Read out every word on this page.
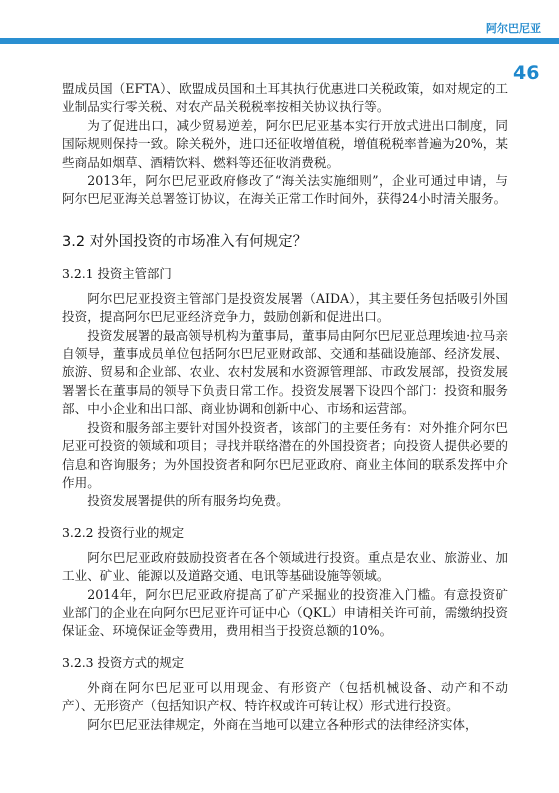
阿尔巴尼亚
46

盟成员国（EFTA）、欧盟成员国和土耳其执行优惠进口关税政策，如对规定的工业制品实行零关税、对农产品关税税率按相关协议执行等。

为了促进出口，减少贸易逆差，阿尔巴尼亚基本实行开放式进出口制度，同国际规则保持一致。除关税外，进口还征收增值税，增值税税率普遍为20%，某些商品如烟草、酒精饮料、燃料等还征收消费税。

2013年，阿尔巴尼亚政府修改了“海关法实施细则”，企业可通过申请，与阿尔巴尼亚海关总署签订协议，在海关正常工作时间外，获得24小时清关服务。

3.2 对外国投资的市场准入有何规定？
3.2.1 投资主管部门

阿尔巴尼亚投资主管部门是投资发展署（AIDA），其主要任务包括吸引外国投资，提高阿尔巴尼亚经济竞争力，鼓励创新和促进出口。

投资发展署的最高领导机构为董事局，董事局由阿尔巴尼亚总理埃迪·拉马亲自领导，董事成员单位包括阿尔巴尼亚财政部、交通和基础设施部、经济发展、旅游、贸易和企业部、农业、农村发展和水资源管理部、市政发展部，投资发展署署长在董事局的领导下负责日常工作。投资发展署下设四个部门：投资和服务部、中小企业和出口部、商业协调和创新中心、市场和运营部。

投资和服务部主要针对国外投资者，该部门的主要任务有：对外推介阿尔巴尼亚可投资的领域和项目；寻找并联络潜在的外国投资者；向投资人提供必要的信息和咨询服务；为外国投资者和阿尔巴尼亚政府、商业主体间的联系发挥中介作用。

投资发展署提供的所有服务均免费。

3.2.2 投资行业的规定

阿尔巴尼亚政府鼓励投资者在各个领域进行投资。重点是农业、旅游业、加工业、矿业、能源以及道路交通、电讯等基础设施等领域。

2014年，阿尔巴尼亚政府提高了矿产采掘业的投资准入门槛。有意投资矿业部门的企业在向阿尔巴尼亚许可证中心（QKL）申请相关许可前，需缴纳投资保证金、环境保证金等费用，费用相当于投资总额的10%。

3.2.3 投资方式的规定

外商在阿尔巴尼亚可以用现金、有形资产（包括机械设备、动产和不动产）、无形资产（包括知识产权、特许权或许可转让权）形式进行投资。

阿尔巴尼亚法律规定，外商在当地可以建立各种形式的法律经济实体，
